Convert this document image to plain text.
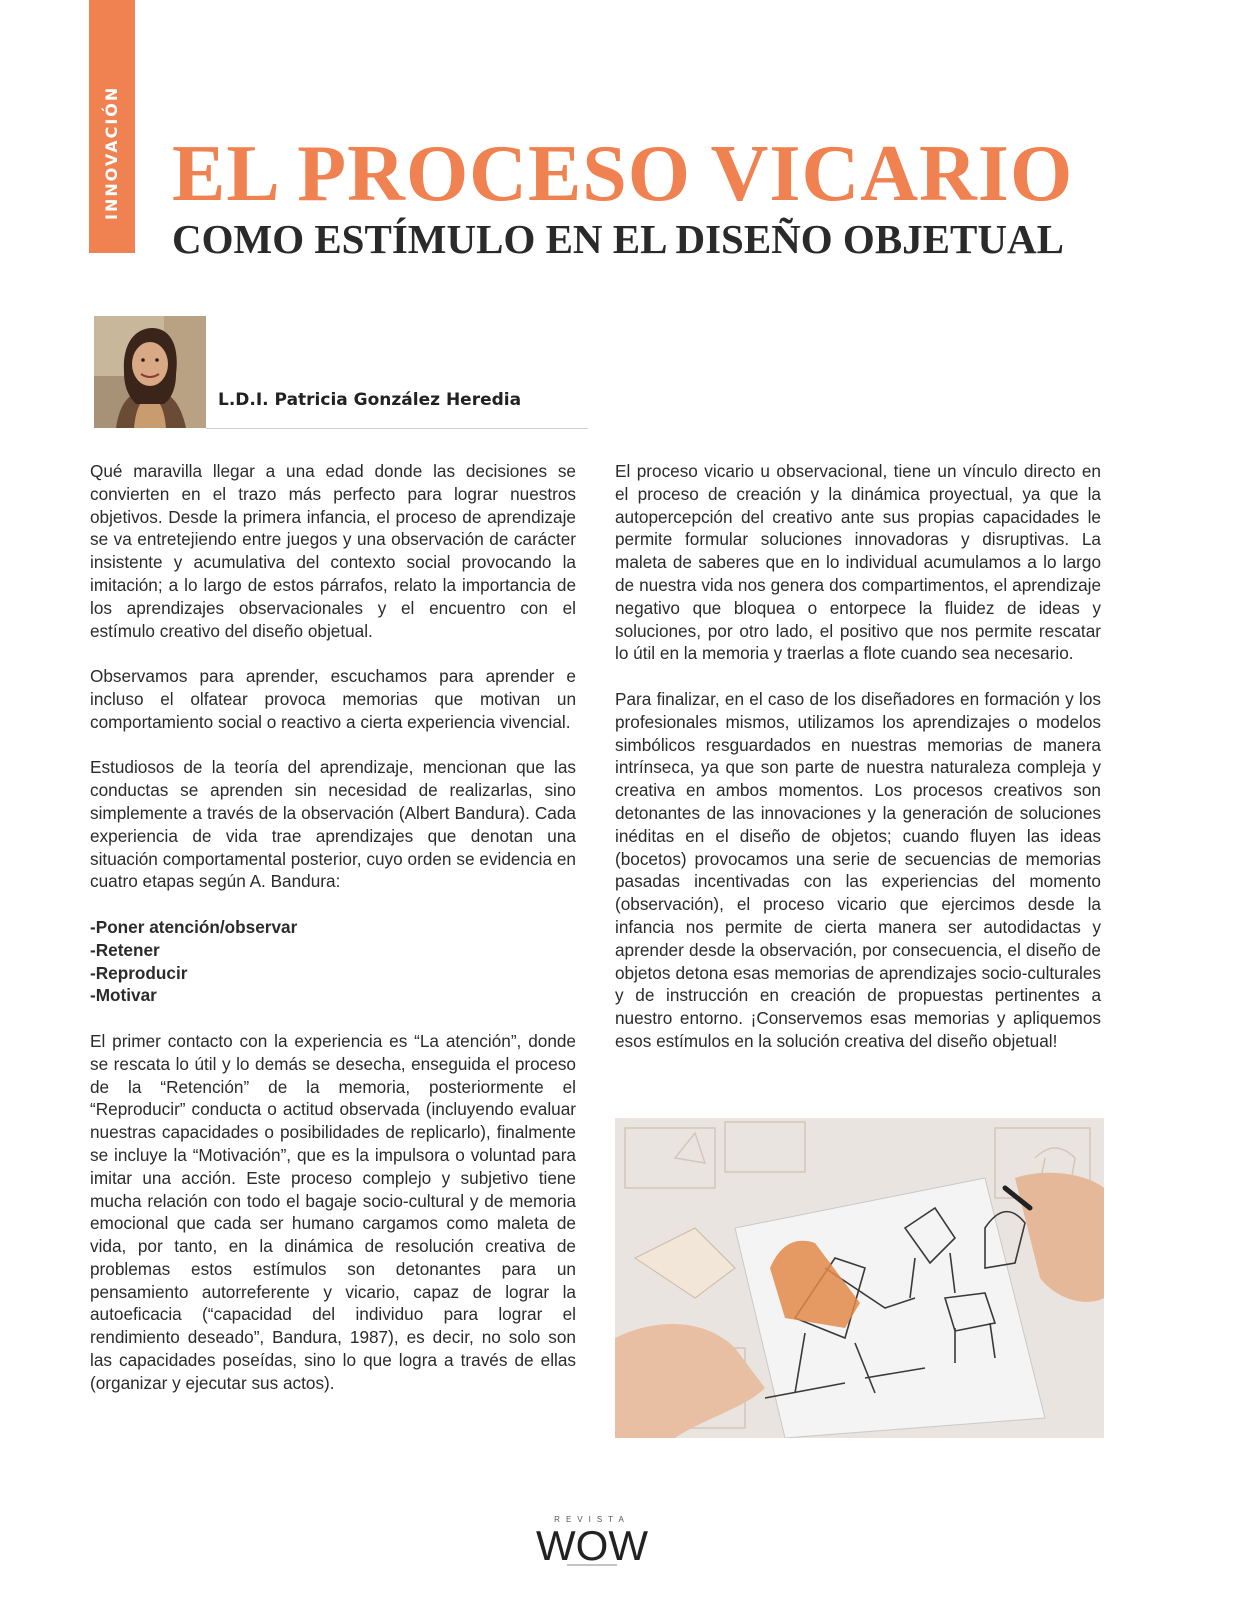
INNOVACIÓN EL PROCESO VICARIO
COMO ESTÍMULO EN EL DISEÑO OBJETUAL
L.D.I. Patricia González Heredia

Qué maravilla llegar a una edad donde las decisiones se convierten en el trazo más perfecto para lograr nuestros objetivos. Desde la primera infancia, el proceso de aprendizaje se va entretejiendo entre juegos y una observación de carácter insistente y acumulativa del contexto social provocando la imitación; a lo largo de estos párrafos, relato la importancia de los aprendizajes observacionales y el encuentro con el estímulo creativo del diseño objetual.

Observamos para aprender, escuchamos para aprender e incluso el olfatear provoca memorias que motivan un comportamiento social o reactivo a cierta experiencia vivencial.

Estudiosos de la teoría del aprendizaje, mencionan que las conductas se aprenden sin necesidad de realizarlas, sino simplemente a través de la observación (Albert Bandura). Cada experiencia de vida trae aprendizajes que denotan una situación comportamental posterior, cuyo orden se evidencia en cuatro etapas según A. Bandura:

-Poner atención/observar
-Retener
-Reproducir
-Motivar

El primer contacto con la experiencia es “La atención”, donde se rescata lo útil y lo demás se desecha, enseguida el proceso de la “Retención” de la memoria, posteriormente el “Reproducir” conducta o actitud observada (incluyendo evaluar nuestras capacidades o posibilidades de replicarlo), finalmente se incluye la “Motivación”, que es la impulsora o voluntad para imitar una acción. Este proceso complejo y subjetivo tiene mucha relación con todo el bagaje socio-cultural y de memoria emocional que cada ser humano cargamos como maleta de vida, por tanto, en la dinámica de resolución creativa de problemas estos estímulos son detonantes para un pensamiento autorreferente y vicario, capaz de lograr la autoeficacia (“capacidad del individuo para lograr el rendimiento deseado”, Bandura, 1987), es decir, no solo son las capacidades poseídas, sino lo que logra a través de ellas (organizar y ejecutar sus actos).

El proceso vicario u observacional, tiene un vínculo directo en el proceso de creación y la dinámica proyectual, ya que la autopercepción del creativo ante sus propias capacidades le permite formular soluciones innovadoras y disruptivas. La maleta de saberes que en lo individual acumulamos a lo largo de nuestra vida nos genera dos compartimentos, el aprendizaje negativo que bloquea o entorpece la fluidez de ideas y soluciones, por otro lado, el positivo que nos permite rescatar lo útil en la memoria y traerlas a flote cuando sea necesario.

Para finalizar, en el caso de los diseñadores en formación y los profesionales mismos, utilizamos los aprendizajes o modelos simbólicos resguardados en nuestras memorias de manera intrínseca, ya que son parte de nuestra naturaleza compleja y creativa en ambos momentos. Los procesos creativos son detonantes de las innovaciones y la generación de soluciones inéditas en el diseño de objetos; cuando fluyen las ideas (bocetos) provocamos una serie de secuencias de memorias pasadas incentivadas con las experiencias del momento (observación), el proceso vicario que ejercimos desde la infancia nos permite de cierta manera ser autodidactas y aprender desde la observación, por consecuencia, el diseño de objetos detona esas memorias de aprendizajes socio-culturales y de instrucción en creación de propuestas pertinentes a nuestro entorno. ¡Conservemos esas memorias y apliquemos esos estímulos en la solución creativa del diseño objetual!

REVISTA
WOW
